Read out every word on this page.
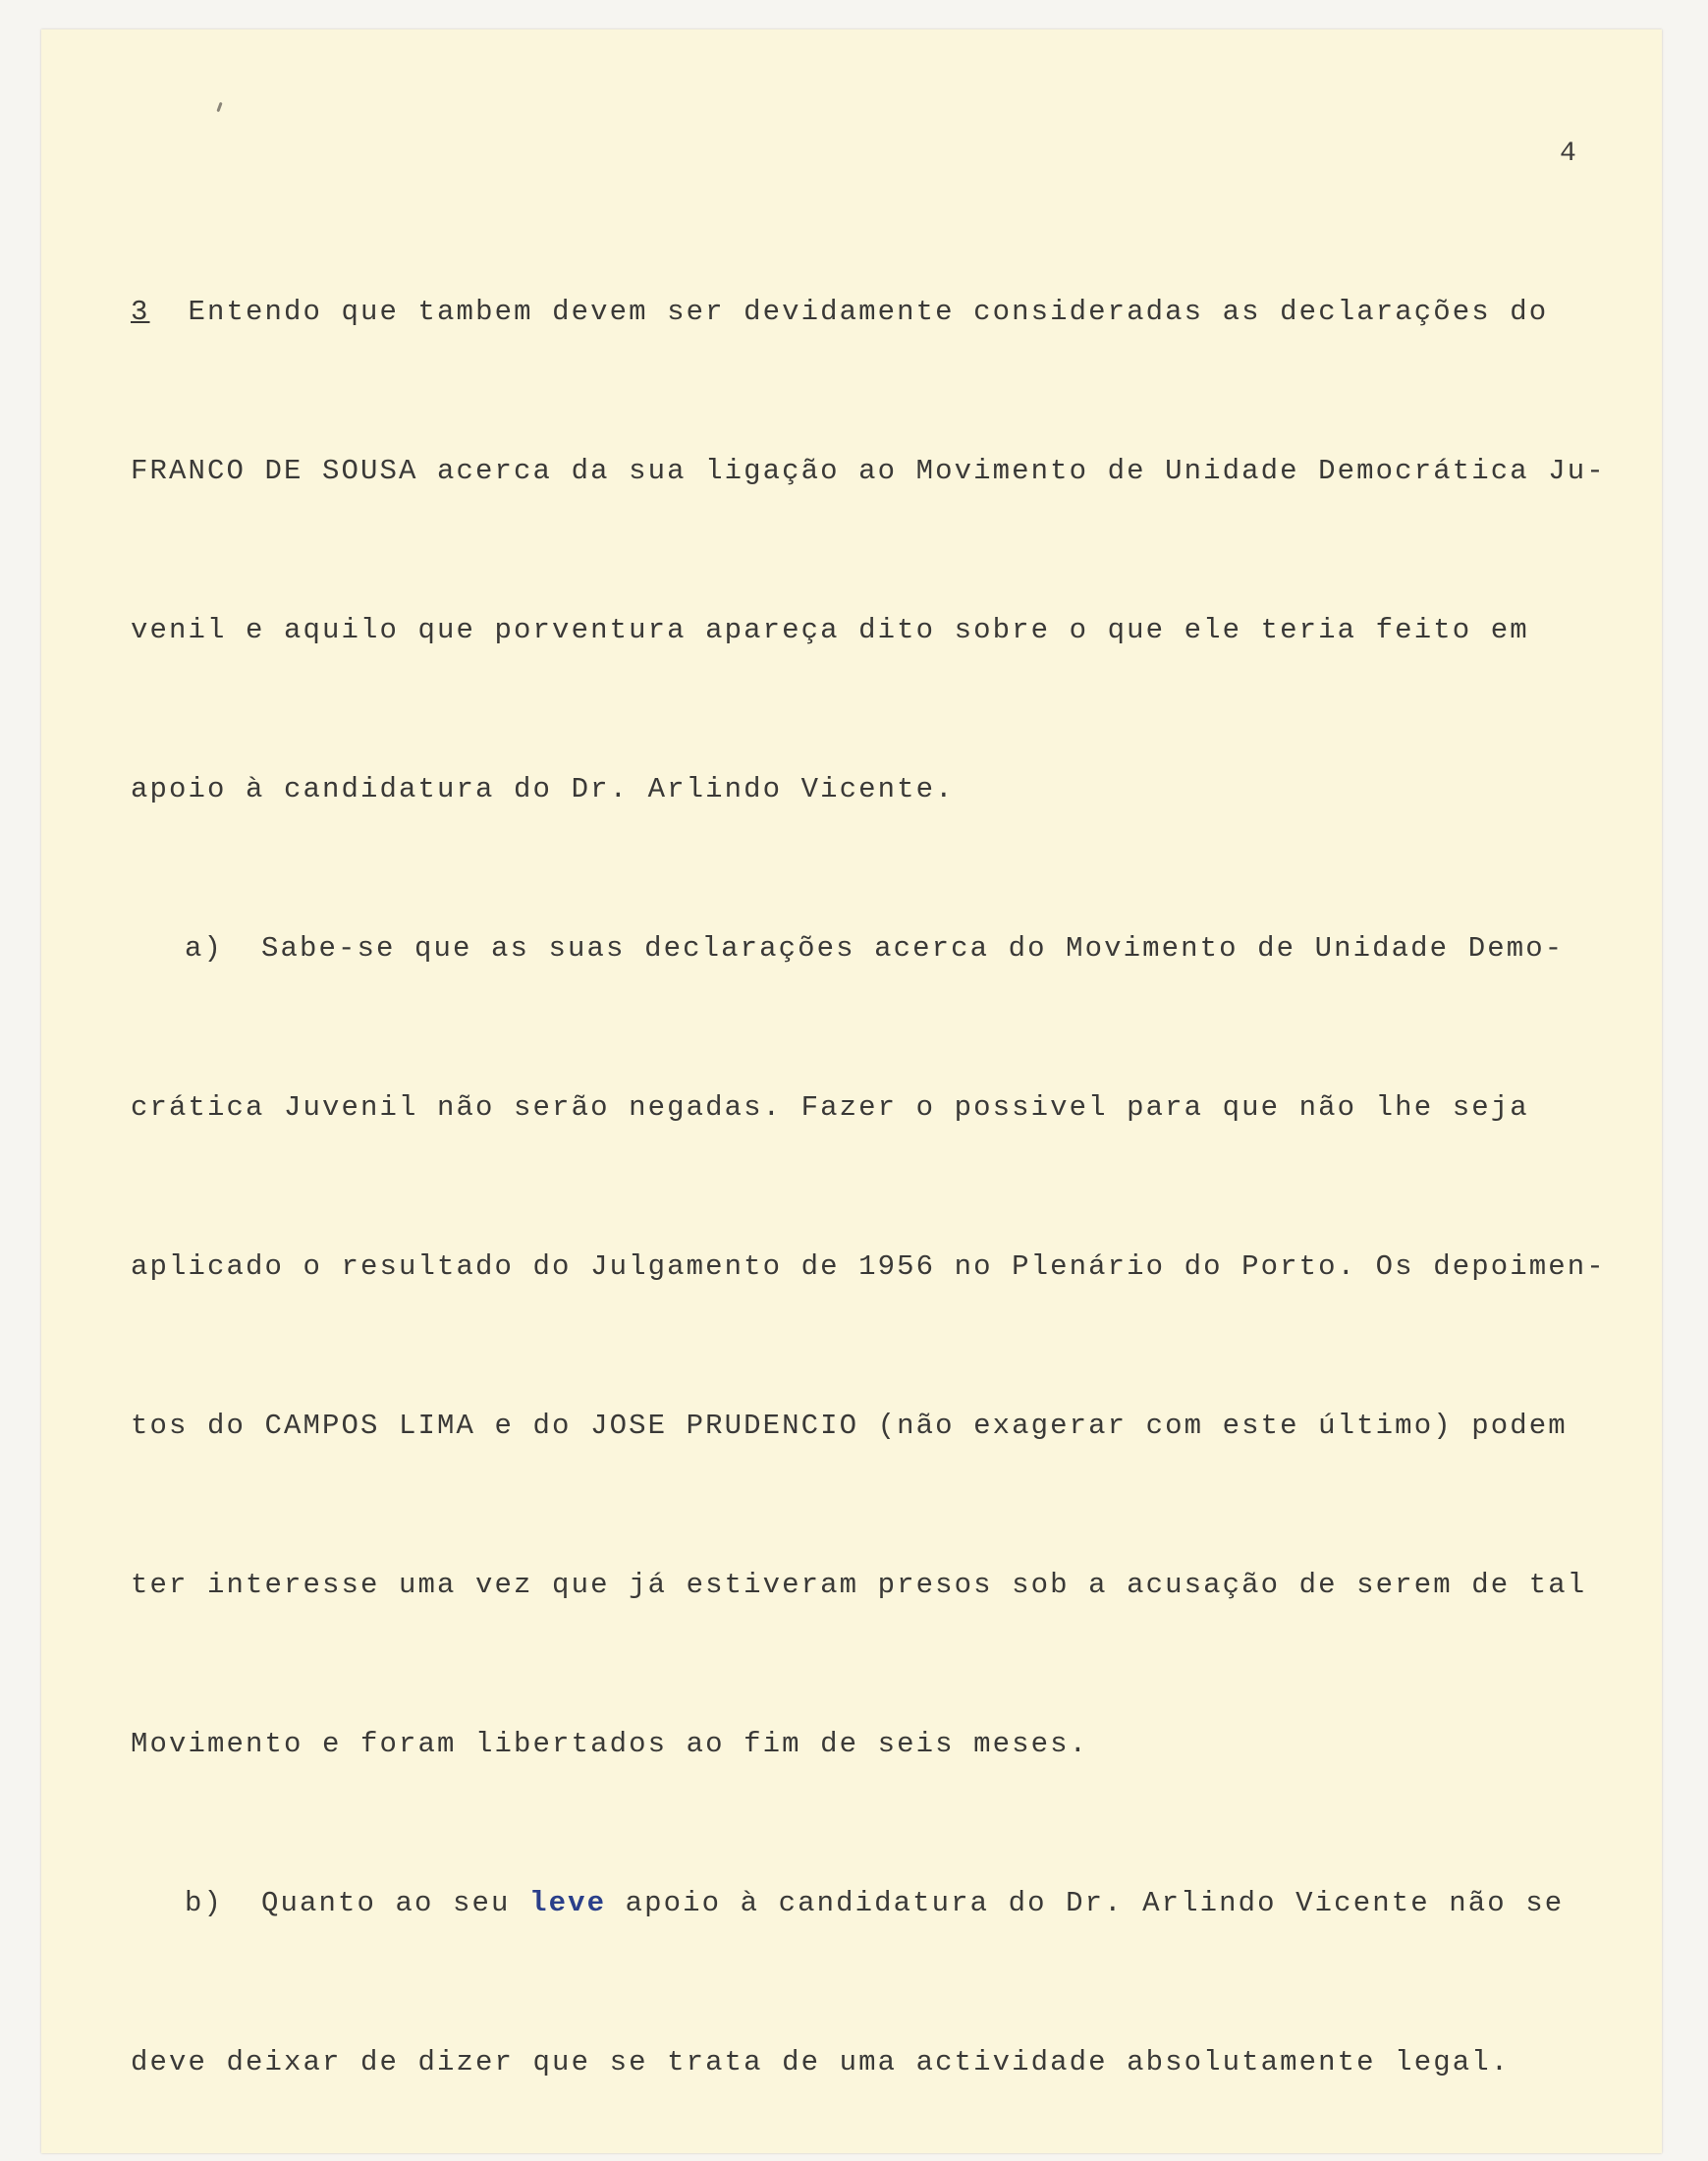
4

3  Entendo que tambem devem ser devidamente consideradas as declarações do

FRANCO DE SOUSA acerca da sua ligação ao Movimento de Unidade Democrática Ju-

venil e aquilo que porventura apareça dito sobre o que ele teria feito em

apoio à candidatura do Dr. Arlindo Vicente.

a)  Sabe-se que as suas declarações acerca do Movimento de Unidade Demo-

crática Juvenil não serão negadas. Fazer o possivel para que não lhe seja

aplicado o resultado do Julgamento de 1956 no Plenário do Porto. Os depoimen-

tos do CAMPOS LIMA e do JOSE PRUDENCIO (não exagerar com este último) podem

ter interesse uma vez que já estiveram presos sob a acusação de serem de tal

Movimento e foram libertados ao fim de seis meses.

b)  Quanto ao seu leve apoio à candidatura do Dr. Arlindo Vicente não se

deve deixar de dizer que se trata de uma actividade absolutamente legal.
